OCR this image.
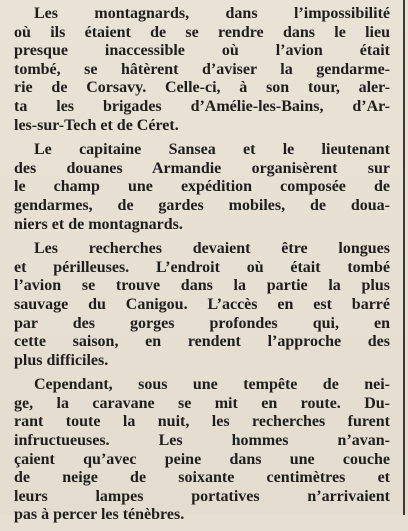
Les montagnards, dans l’impossibilité
où ils étaient de se rendre dans le lieu
presque inaccessible où l’avion était
tombé, se hâtèrent d’aviser la gendarme-
rie de Corsavy. Celle-ci, à son tour, aler-
ta les brigades d’Amélie-les-Bains, d’Ar-
les-sur-Tech et de Céret.
Le capitaine Sansea et le lieutenant
des douanes Armandie organisèrent sur
le champ une expédition composée de
gendarmes, de gardes mobiles, de doua-
niers et de montagnards.
Les recherches devaient être longues
et périlleuses. L’endroit où était tombé
l’avion se trouve dans la partie la plus
sauvage du Canigou. L’accès en est barré
par des gorges profondes qui, en
cette saison, en rendent l’approche des
plus difficiles.
Cependant, sous une tempête de nei-
ge, la caravane se mit en route. Du-
rant toute la nuit, les recherches furent
infructueuses. Les hommes n’avan-
çaient qu’avec peine dans une couche
de neige de soixante centimètres et
leurs lampes portatives n’arrivaient
pas à percer les ténèbres.
